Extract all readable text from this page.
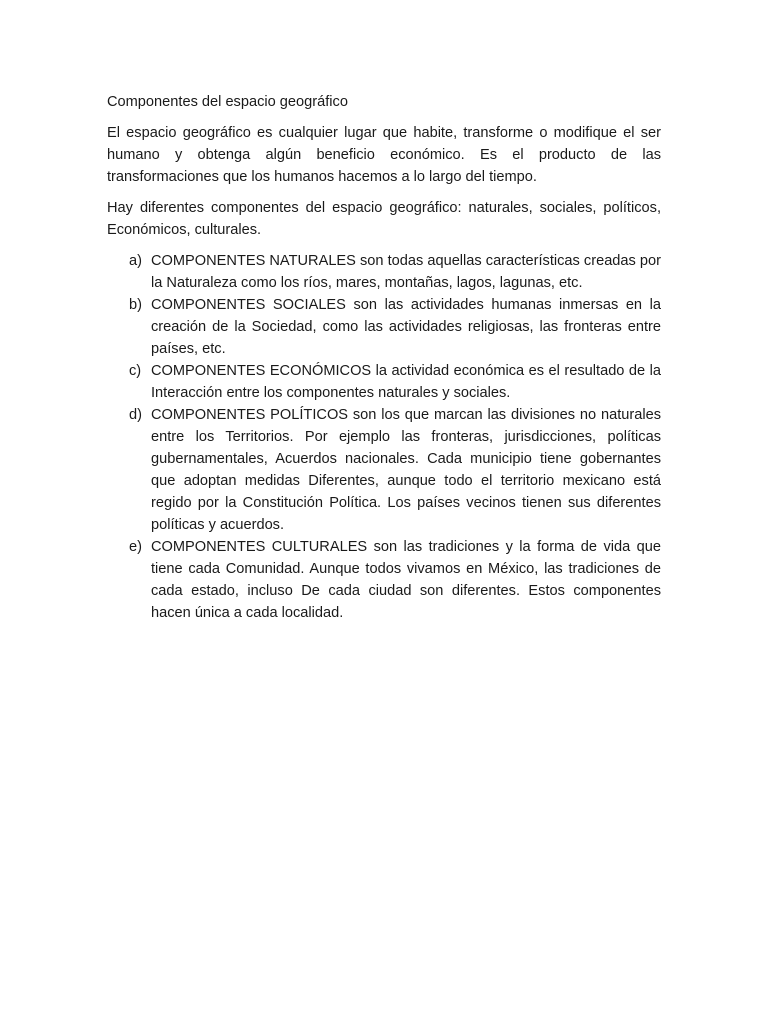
Componentes del espacio geográfico

El espacio geográfico es cualquier lugar que habite, transforme o modifique el ser humano y obtenga algún beneficio económico. Es el producto de las transformaciones que los humanos hacemos a lo largo del tiempo.

Hay diferentes componentes del espacio geográfico: naturales, sociales, políticos, Económicos, culturales.

a) COMPONENTES NATURALES son todas aquellas características creadas por la Naturaleza como los ríos, mares, montañas, lagos, lagunas, etc.
b) COMPONENTES SOCIALES son las actividades humanas inmersas en la creación de la Sociedad, como las actividades religiosas, las fronteras entre países, etc.
c) COMPONENTES ECONÓMICOS la actividad económica es el resultado de la Interacción entre los componentes naturales y sociales.
d) COMPONENTES POLÍTICOS son los que marcan las divisiones no naturales entre los Territorios. Por ejemplo las fronteras, jurisdicciones, políticas gubernamentales, Acuerdos nacionales. Cada municipio tiene gobernantes que adoptan medidas Diferentes, aunque todo el territorio mexicano está regido por la Constitución Política. Los países vecinos tienen sus diferentes políticas y acuerdos.
e) COMPONENTES CULTURALES son las tradiciones y la forma de vida que tiene cada Comunidad. Aunque todos vivamos en México, las tradiciones de cada estado, incluso De cada ciudad son diferentes. Estos componentes hacen única a cada localidad.
